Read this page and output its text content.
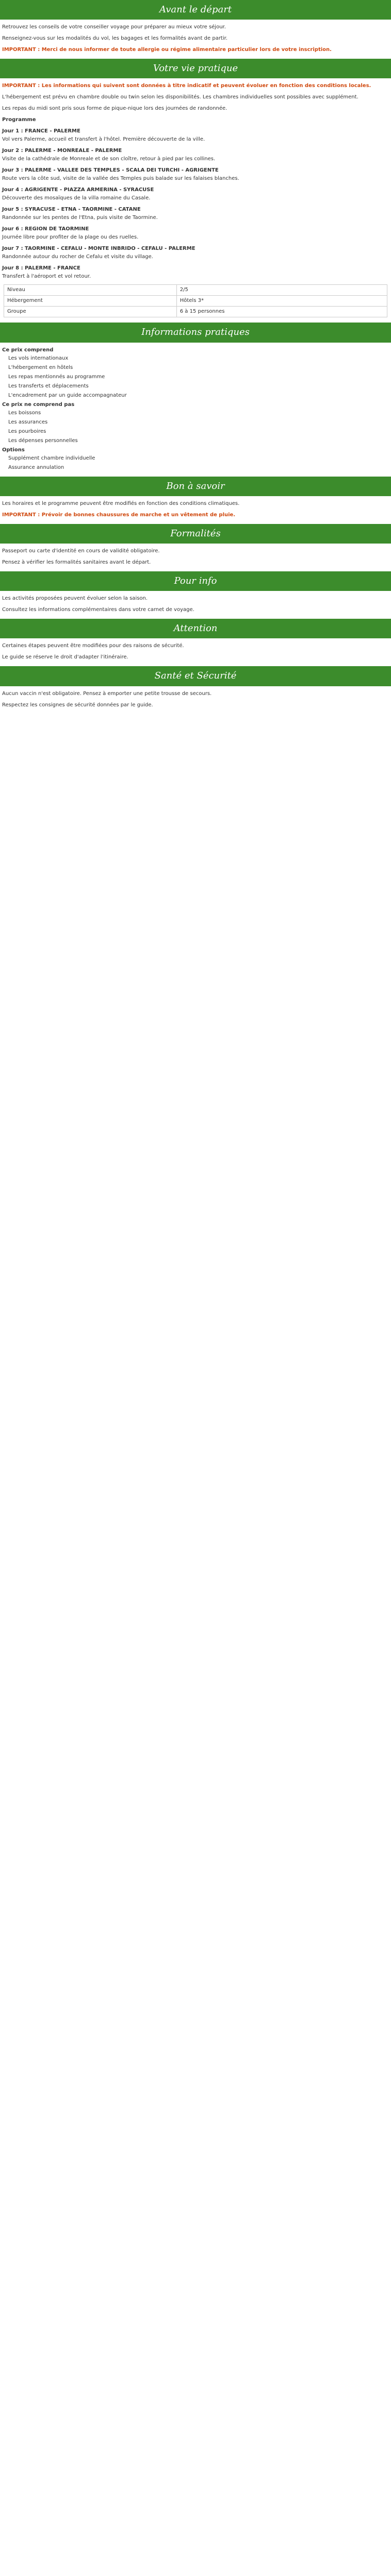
Avant le départ

Retrouvez les conseils de votre conseiller voyage pour préparer au mieux votre séjour.

Renseignez-vous sur les modalités du vol, les bagages et les formalités avant de partir.

IMPORTANT : Merci de nous informer de toute allergie ou régime alimentaire particulier lors de votre inscription.

Votre vie pratique

IMPORTANT : Les informations qui suivent sont données à titre indicatif et peuvent évoluer en fonction des conditions locales.

L'hébergement est prévu en chambre double ou twin selon les disponibilités. Les chambres individuelles sont possibles avec supplément.

Les repas du midi sont pris sous forme de pique-nique lors des journées de randonnée.

Programme

Jour 1 : FRANCE - PALERME

Vol vers Palerme, accueil et transfert à l'hôtel. Première découverte de la ville.

Jour 2 : PALERME - MONREALE - PALERME

Visite de la cathédrale de Monreale et de son cloître, retour à pied par les collines.

Jour 3 : PALERME - VALLEE DES TEMPLES - SCALA DEI TURCHI - AGRIGENTE

Route vers la côte sud, visite de la vallée des Temples puis balade sur les falaises blanches.

Jour 4 : AGRIGENTE - PIAZZA ARMERINA - SYRACUSE

Découverte des mosaïques de la villa romaine du Casale.

Jour 5 : SYRACUSE - ETNA - TAORMINE - CATANE

Randonnée sur les pentes de l'Etna, puis visite de Taormine.

Jour 6 : REGION DE TAORMINE

Journée libre pour profiter de la plage ou des ruelles.

Jour 7 : TAORMINE - CEFALU - MONTE INBRIDO - CEFALU - PALERME

Randonnée autour du rocher de Cefalu et visite du village.

Jour 8 : PALERME - FRANCE

Transfert à l'aéroport et vol retour.

Niveau	2/5
Hébergement	Hôtels 3*
Groupe	6 à 15 personnes
Informations pratiques

Ce prix comprend

Les vols internationaux

L'hébergement en hôtels

Les repas mentionnés au programme

Les transferts et déplacements

L'encadrement par un guide accompagnateur

Ce prix ne comprend pas

Les boissons

Les assurances

Les pourboires

Les dépenses personnelles

Options

Supplément chambre individuelle

Assurance annulation

Bon à savoir

Les horaires et le programme peuvent être modifiés en fonction des conditions climatiques.

IMPORTANT : Prévoir de bonnes chaussures de marche et un vêtement de pluie.

Formalités

Passeport ou carte d'identité en cours de validité obligatoire.

Pensez à vérifier les formalités sanitaires avant le départ.

Pour info

Les activités proposées peuvent évoluer selon la saison.

Consultez les informations complémentaires dans votre carnet de voyage.

Attention

Certaines étapes peuvent être modifiées pour des raisons de sécurité.

Le guide se réserve le droit d'adapter l'itinéraire.

Santé et Sécurité

Aucun vaccin n'est obligatoire. Pensez à emporter une petite trousse de secours.

Respectez les consignes de sécurité données par le guide.
